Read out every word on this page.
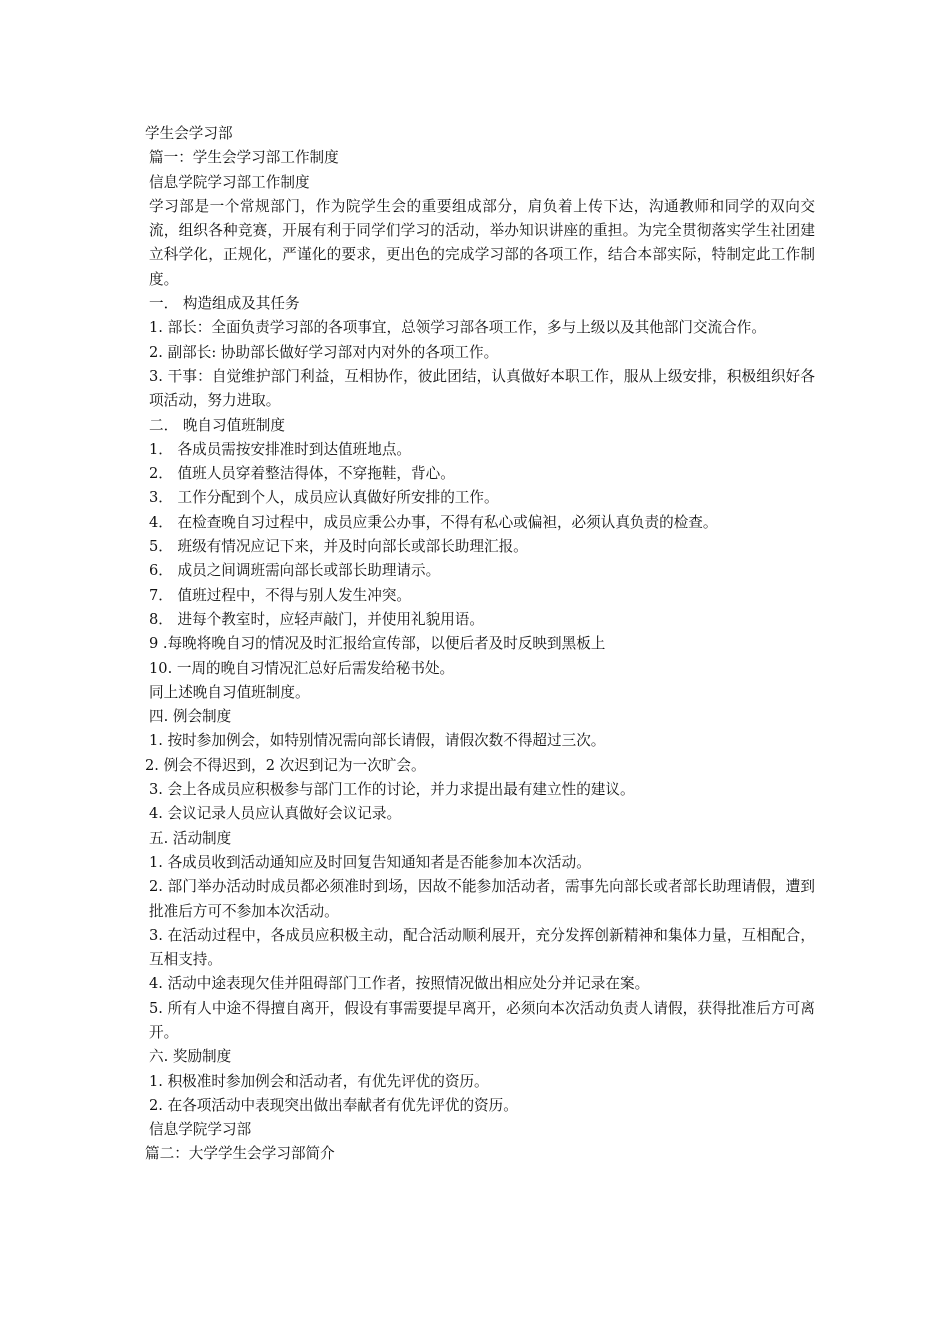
学生会学习部

篇一：学生会学习部工作制度

信息学院学习部工作制度

学习部是一个常规部门，作为院学生会的重要组成部分，肩负着上传下达，沟通教师和同学的双向交流，组织各种竞赛，开展有利于同学们学习的活动，举办知识讲座的重担。为完全贯彻落实学生社团建立科学化，正规化，严谨化的要求，更出色的完成学习部的各项工作，结合本部实际，特制定此工作制度。

一． 构造组成及其任务

1. 部长：全面负责学习部的各项事宜，总领学习部各项工作，多与上级以及其他部门交流合作。

2. 副部长: 协助部长做好学习部对内对外的各项工作。

3. 干事：自觉维护部门利益，互相协作，彼此团结，认真做好本职工作，服从上级安排，积极组织好各项活动，努力进取。

二． 晚自习值班制度

1． 各成员需按安排准时到达值班地点。

2． 值班人员穿着整洁得体，不穿拖鞋，背心。

3． 工作分配到个人，成员应认真做好所安排的工作。

4． 在检查晚自习过程中，成员应秉公办事，不得有私心或偏袒，必须认真负责的检查。

5． 班级有情况应记下来，并及时向部长或部长助理汇报。

6． 成员之间调班需向部长或部长助理请示。

7． 值班过程中，不得与别人发生冲突。

8． 进每个教室时，应轻声敲门，并使用礼貌用语。

9 .每晚将晚自习的情况及时汇报给宣传部，以便后者及时反映到黑板上

10. 一周的晚自习情况汇总好后需发给秘书处。

同上述晚自习值班制度。

四. 例会制度

1. 按时参加例会，如特别情况需向部长请假，请假次数不得超过三次。

2. 例会不得迟到，2 次迟到记为一次旷会。

3. 会上各成员应积极参与部门工作的讨论，并力求提出最有建立性的建议。

4. 会议记录人员应认真做好会议记录。

五. 活动制度

1. 各成员收到活动通知应及时回复告知通知者是否能参加本次活动。

2. 部门举办活动时成员都必须准时到场，因故不能参加活动者，需事先向部长或者部长助理请假，遭到批准后方可不参加本次活动。

3. 在活动过程中，各成员应积极主动，配合活动顺利展开，充分发挥创新精神和集体力量，互相配合，互相支持。

4. 活动中途表现欠佳并阻碍部门工作者，按照情况做出相应处分并记录在案。

5. 所有人中途不得擅自离开，假设有事需要提早离开，必须向本次活动负责人请假，获得批准后方可离开。

六. 奖励制度

1. 积极准时参加例会和活动者，有优先评优的资历。

2. 在各项活动中表现突出做出奉献者有优先评优的资历。

信息学院学习部

篇二：大学学生会学习部简介
